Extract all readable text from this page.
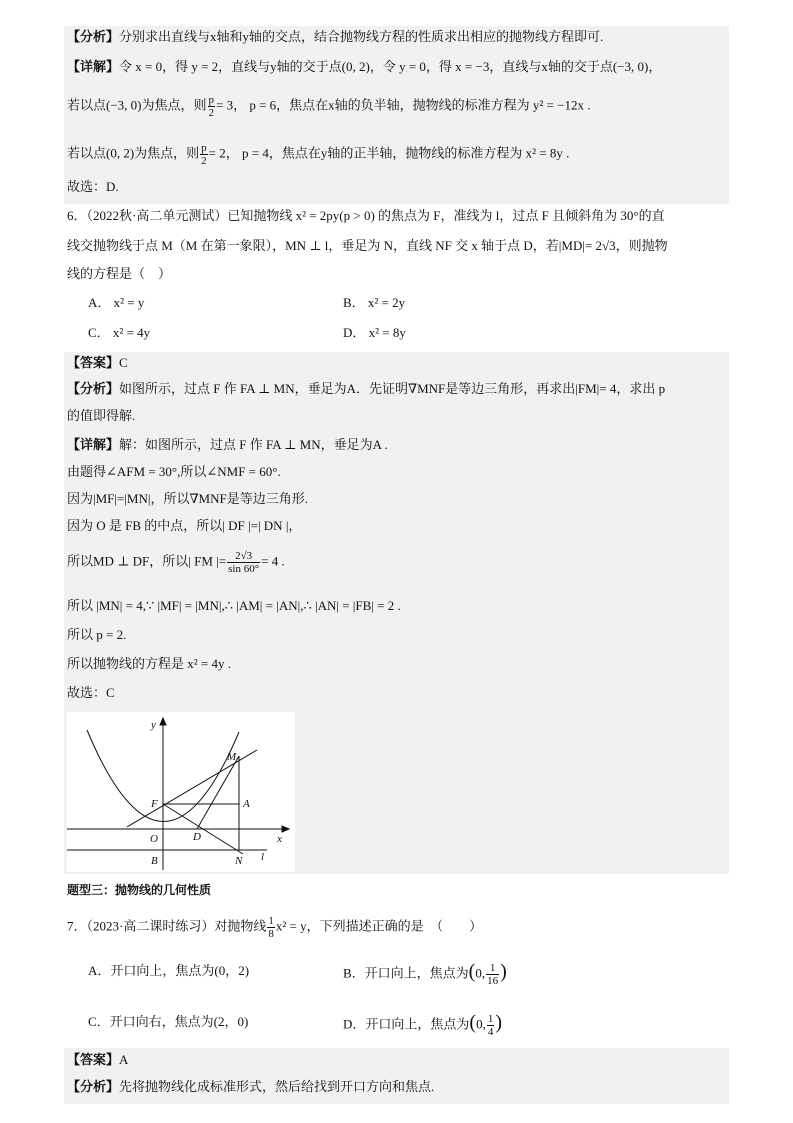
【分析】分别求出直线与x轴和y轴的交点，结合抛物线方程的性质求出相应的抛物线方程即可.
【详解】令 x = 0，得 y = 2，直线与y轴的交于点(0, 2)，令 y = 0，得 x = −3，直线与x轴的交于点(−3, 0)，
若以点(−3, 0)为焦点，则 $\frac{p}{2} = 3$， p = 6，焦点在x轴的负半轴，抛物线的标准方程为 y² = −12x .
若以点(0, 2)为焦点，则 $\frac{p}{2} = 2$， p = 4，焦点在y轴的正半轴，抛物线的标准方程为 x² = 8y .
故选：D.
6．（2022秋·高二单元测试）已知抛物线 x² = 2py(p > 0) 的焦点为 F，准线为 l，过点 F 且倾斜角为 30°的直
线交抛物线于点 M（M 在第一象限），MN ⊥ l，垂足为 N，直线 NF 交 x 轴于点 D，若|MD|= 2√3，则抛物
线的方程是（　）
A． x² = y	B． x² = 2y
C． x² = 4y	D． x² = 8y
【答案】C
【分析】如图所示，过点 F 作 FA ⊥ MN，垂足为A．先证明∇MNF是等边三角形，再求出|FM|= 4，求出 p
的值即得解.
【详解】解：如图所示，过点 F 作 FA ⊥ MN，垂足为A .
由题得∠AFM = 30°,所以∠NMF = 60°.
因为|MF|=|MN|，所以∇MNF是等边三角形.
因为 O 是 FB 的中点，所以| DF |=| DN |，
所以MD ⊥ DF，所以| FM |= $\frac{2√3}{\sin 60^\circ} = 4$ .
所以 |MN| = 4,∵ |MF| = |MN|,∴ |AM| = |AN|,∴ |AN| = |FB| = 2 .
所以 p = 2.
所以抛物线的方程是 x² = 4y .
故选：C
y
x
M
F	A
O	D
B	N l
题型三：抛物线的几何性质
7．（2023·高二课时练习）对抛物线 $\frac{1}{8} x^2 = y$，下列描述正确的是　（　　）
A．开口向上，焦点为(0，2)	B．开口向上，焦点为(0, $\frac{1}{16}$ )
C．开口向右，焦点为(2，0)	D．开口向上，焦点为(0, $\frac{1}{4}$ )
【答案】A
【分析】先将抛物线化成标准形式，然后给找到开口方向和焦点.
